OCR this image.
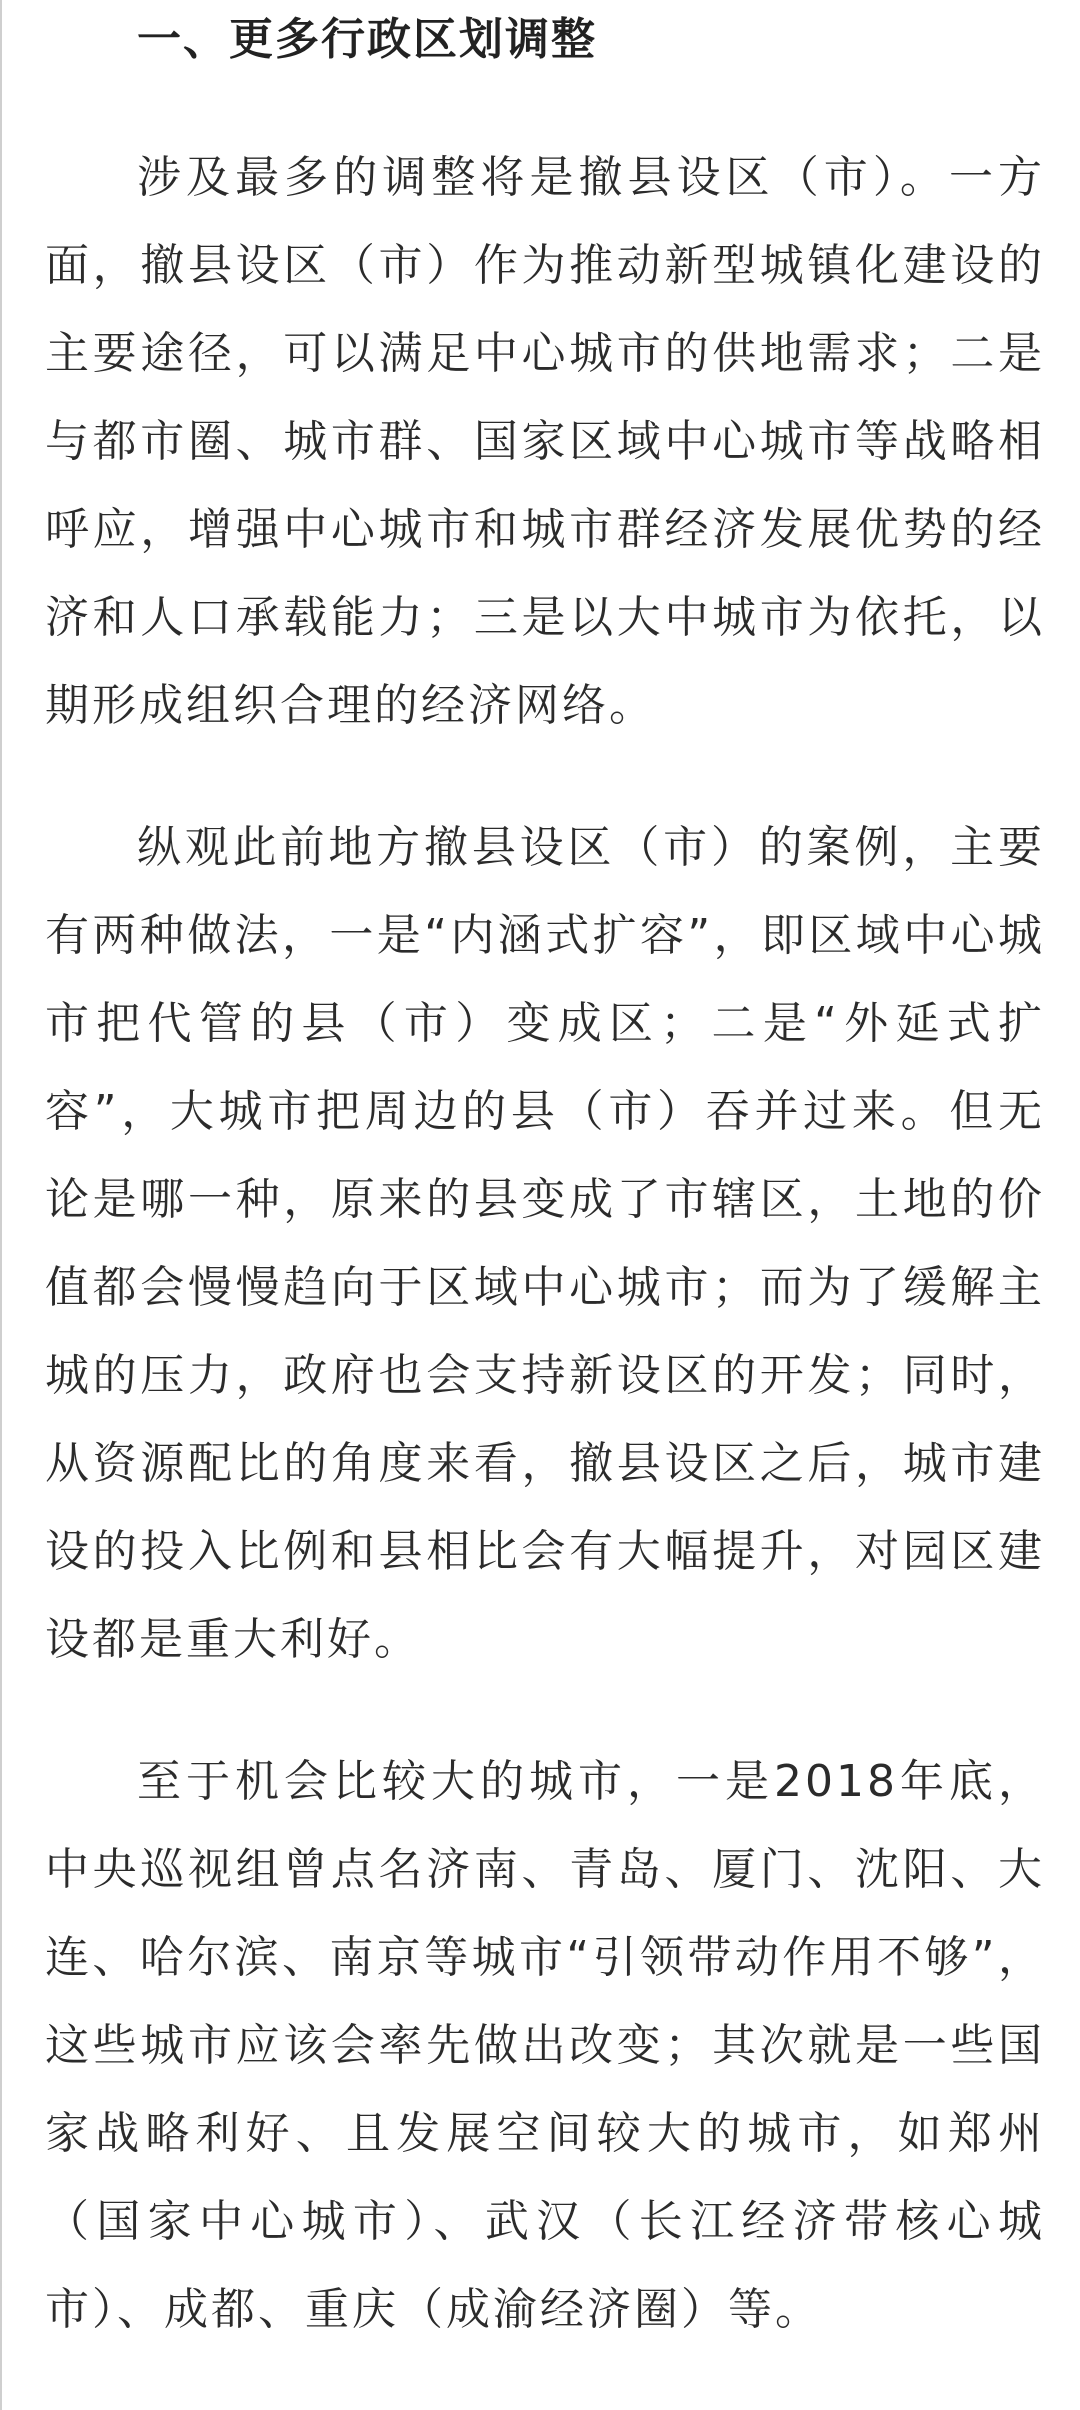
一、更多行政区划调整

涉及最多的调整将是撤县设区（市）。一方面，撤县设区（市）作为推动新型城镇化建设的主要途径，可以满足中心城市的供地需求；二是与都市圈、城市群、国家区域中心城市等战略相呼应，增强中心城市和城市群经济发展优势的经济和人口承载能力；三是以大中城市为依托，以期形成组织合理的经济网络。

纵观此前地方撤县设区（市）的案例，主要有两种做法，一是“内涵式扩容”，即区域中心城市把代管的县（市）变成区；二是“外延式扩容”，大城市把周边的县（市）吞并过来。但无论是哪一种，原来的县变成了市辖区，土地的价值都会慢慢趋向于区域中心城市；而为了缓解主城的压力，政府也会支持新设区的开发；同时，从资源配比的角度来看，撤县设区之后，城市建设的投入比例和县相比会有大幅提升，对园区建设都是重大利好。

至于机会比较大的城市，一是2018年底，中央巡视组曾点名济南、青岛、厦门、沈阳、大连、哈尔滨、南京等城市“引领带动作用不够”，这些城市应该会率先做出改变；其次就是一些国家战略利好、且发展空间较大的城市，如郑州（国家中心城市）、武汉（长江经济带核心城市）、成都、重庆（成渝经济圈）等。
